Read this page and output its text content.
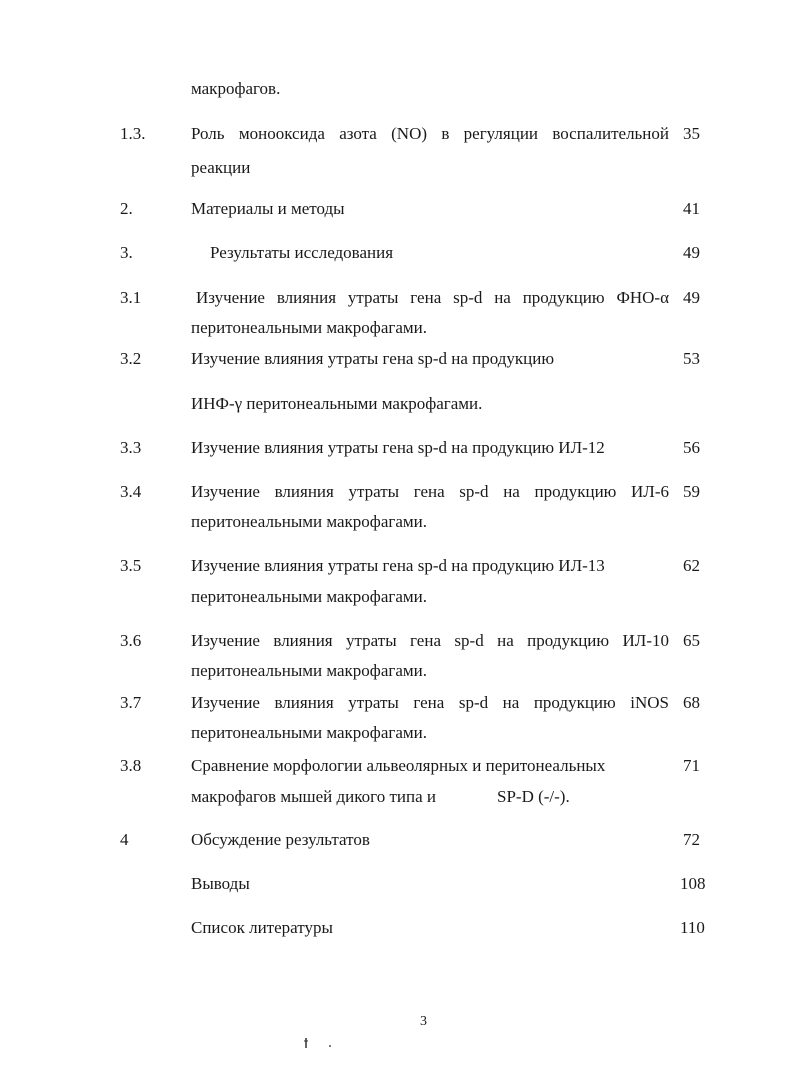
макрофагов.
1.3.	Роль монооксида азота (NO) в регуляции воспалительной 35
реакции
2.	Материалы и методы	41
3.	Результаты исследования	49
3.1	Изучение влияния утраты гена sp-d на продукцию ФНО-α 49
перитонеальными макрофагами.
3.2	Изучение влияния утраты гена sp-d на продукцию	53
ИНФ-γ перитонеальными макрофагами.
3.3	Изучение влияния утраты гена sp-d на продукцию ИЛ-12	56
3.4	Изучение влияния утраты гена sp-d на продукцию ИЛ-6 59
перитонеальными макрофагами.
3.5	Изучение влияния утраты гена sp-d на продукцию ИЛ-13	62
перитонеальными макрофагами.
3.6	Изучение влияния утраты гена sp-d на продукцию ИЛ-10 65
перитонеальными макрофагами.
3.7	Изучение влияния утраты гена sp-d на продукцию iNOS 68
перитонеальными макрофагами.
3.8	Сравнение морфологии альвеолярных и перитонеальных	71
макрофагов мышей дикого типа и	SP-D (-/-).
4	Обсуждение результатов	72
Выводы	108
Список литературы	110
3
